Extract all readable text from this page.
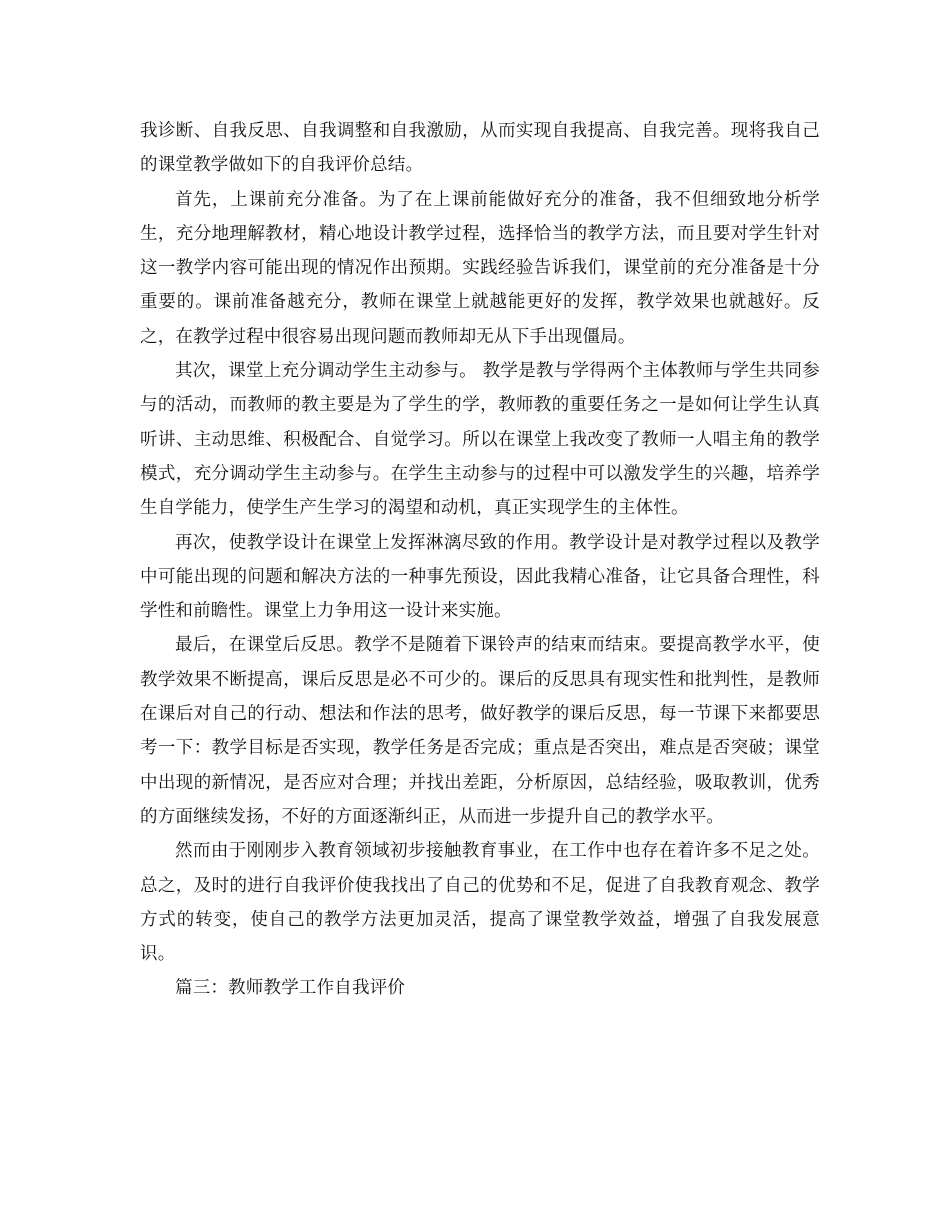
我诊断、自我反思、自我调整和自我激励，从而实现自我提高、自我完善。现将我自己的课堂教学做如下的自我评价总结。

首先，上课前充分准备。为了在上课前能做好充分的准备，我不但细致地分析学生，充分地理解教材，精心地设计教学过程，选择恰当的教学方法，而且要对学生针对这一教学内容可能出现的情况作出预期。实践经验告诉我们，课堂前的充分准备是十分重要的。课前准备越充分，教师在课堂上就越能更好的发挥，教学效果也就越好。反之，在教学过程中很容易出现问题而教师却无从下手出现僵局。

其次，课堂上充分调动学生主动参与。 教学是教与学得两个主体教师与学生共同参与的活动，而教师的教主要是为了学生的学，教师教的重要任务之一是如何让学生认真听讲、主动思维、积极配合、自觉学习。所以在课堂上我改变了教师一人唱主角的教学模式，充分调动学生主动参与。在学生主动参与的过程中可以激发学生的兴趣，培养学生自学能力，使学生产生学习的渴望和动机，真正实现学生的主体性。

再次，使教学设计在课堂上发挥淋漓尽致的作用。教学设计是对教学过程以及教学中可能出现的问题和解决方法的一种事先预设，因此我精心准备，让它具备合理性，科学性和前瞻性。课堂上力争用这一设计来实施。

最后，在课堂后反思。教学不是随着下课铃声的结束而结束。要提高教学水平，使教学效果不断提高，课后反思是必不可少的。课后的反思具有现实性和批判性，是教师在课后对自己的行动、想法和作法的思考，做好教学的课后反思，每一节课下来都要思考一下：教学目标是否实现，教学任务是否完成；重点是否突出，难点是否突破；课堂中出现的新情况，是否应对合理；并找出差距，分析原因，总结经验，吸取教训，优秀的方面继续发扬，不好的方面逐渐纠正，从而进一步提升自己的教学水平。

然而由于刚刚步入教育领域初步接触教育事业，在工作中也存在着许多不足之处。总之，及时的进行自我评价使我找出了自己的优势和不足，促进了自我教育观念、教学方式的转变，使自己的教学方法更加灵活，提高了课堂教学效益，增强了自我发展意识。

篇三：教师教学工作自我评价
